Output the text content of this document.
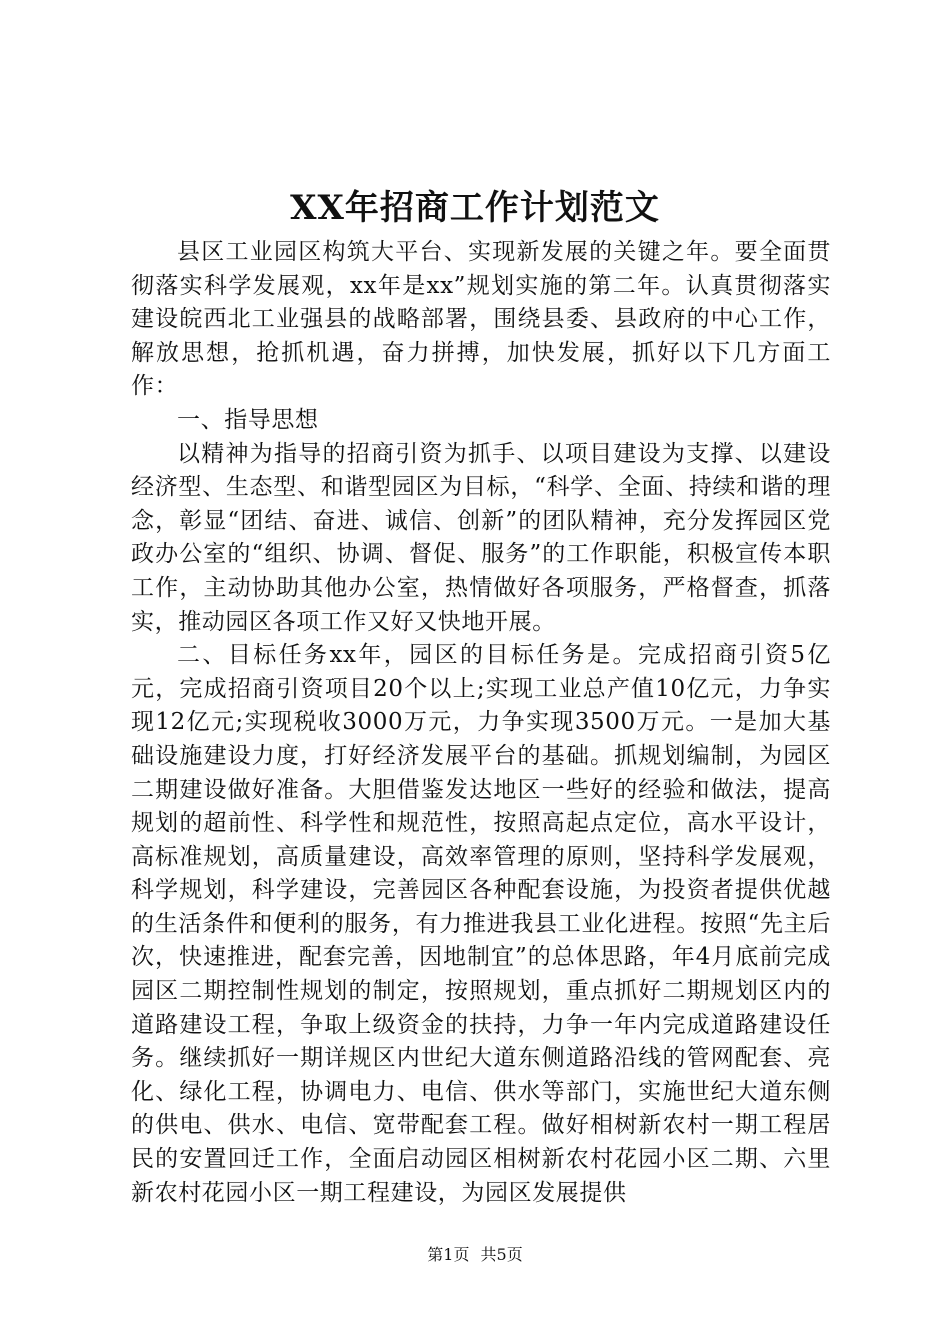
XX年招商工作计划范文

县区工业园区构筑大平台、实现新发展的关键之年。要全面贯彻落实科学发展观，xx年是xx”规划实施的第二年。认真贯彻落实建设皖西北工业强县的战略部署，围绕县委、县政府的中心工作，解放思想，抢抓机遇，奋力拼搏，加快发展，抓好以下几方面工作：

一、指导思想

以精神为指导的招商引资为抓手、以项目建设为支撑、以建设经济型、生态型、和谐型园区为目标，“科学、全面、持续和谐的理念，彰显“团结、奋进、诚信、创新”的团队精神，充分发挥园区党政办公室的“组织、协调、督促、服务”的工作职能，积极宣传本职工作，主动协助其他办公室，热情做好各项服务，严格督查，抓落实，推动园区各项工作又好又快地开展。

二、目标任务xx年，园区的目标任务是。完成招商引资5亿元，完成招商引资项目20个以上;实现工业总产值10亿元，力争实现12亿元;实现税收3000万元，力争实现3500万元。一是加大基础设施建设力度，打好经济发展平台的基础。抓规划编制，为园区二期建设做好准备。大胆借鉴发达地区一些好的经验和做法，提高规划的超前性、科学性和规范性，按照高起点定位，高水平设计，高标准规划，高质量建设，高效率管理的原则，坚持科学发展观，科学规划，科学建设，完善园区各种配套设施，为投资者提供优越的生活条件和便利的服务，有力推进我县工业化进程。按照“先主后次，快速推进，配套完善，因地制宜”的总体思路，年4月底前完成园区二期控制性规划的制定，按照规划，重点抓好二期规划区内的道路建设工程，争取上级资金的扶持，力争一年内完成道路建设任务。继续抓好一期详规区内世纪大道东侧道路沿线的管网配套、亮化、绿化工程，协调电力、电信、供水等部门，实施世纪大道东侧的供电、供水、电信、宽带配套工程。做好相树新农村一期工程居民的安置回迁工作，全面启动园区相树新农村花园小区二期、六里新农村花园小区一期工程建设，为园区发展提供

第1页 共5页
